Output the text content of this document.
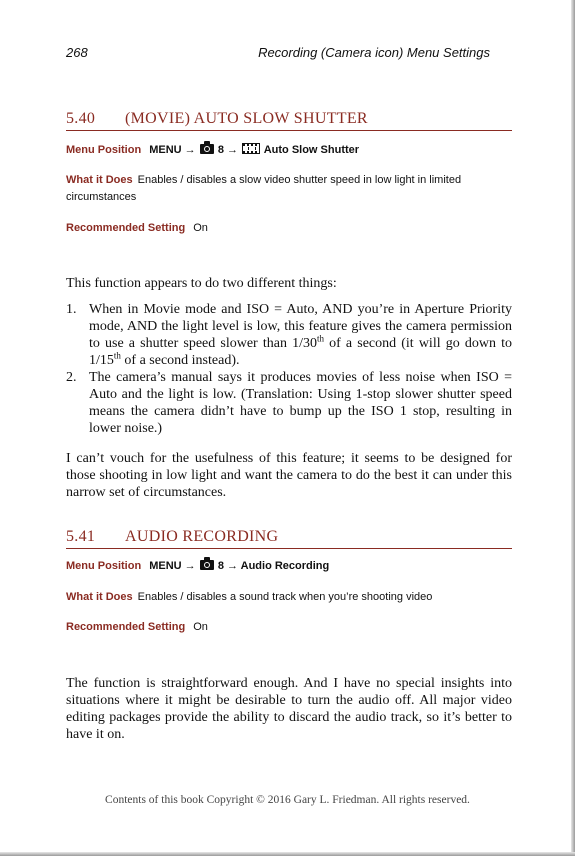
268	Recording (Camera icon) Menu Settings
5.40 (MOVIE) AUTO SLOW SHUTTER
Menu Position MENU → 8 → Auto Slow Shutter
What it Does Enables / disables a slow video shutter speed in low light in limited circumstances
Recommended Setting On
This function appears to do two different things:
1. When in Movie mode and ISO = Auto, AND you’re in Aperture Priority mode, AND the light level is low, this feature gives the camera permission to use a shutter speed slower than 1/30th of a second (it will go down to 1/15th of a second instead).
2. The camera’s manual says it produces movies of less noise when ISO = Auto and the light is low. (Translation: Using 1-stop slower shutter speed means the camera didn’t have to bump up the ISO 1 stop, resulting in lower noise.)
I can’t vouch for the usefulness of this feature; it seems to be designed for those shooting in low light and want the camera to do the best it can under this narrow set of circumstances.
5.41 AUDIO RECORDING
Menu Position MENU → 8 → Audio Recording
What it Does Enables / disables a sound track when you’re shooting video
Recommended Setting On
The function is straightforward enough. And I have no special insights into situations where it might be desirable to turn the audio off. All major video editing packages provide the ability to discard the audio track, so it’s better to have it on.
Contents of this book Copyright © 2016 Gary L. Friedman. All rights reserved.
